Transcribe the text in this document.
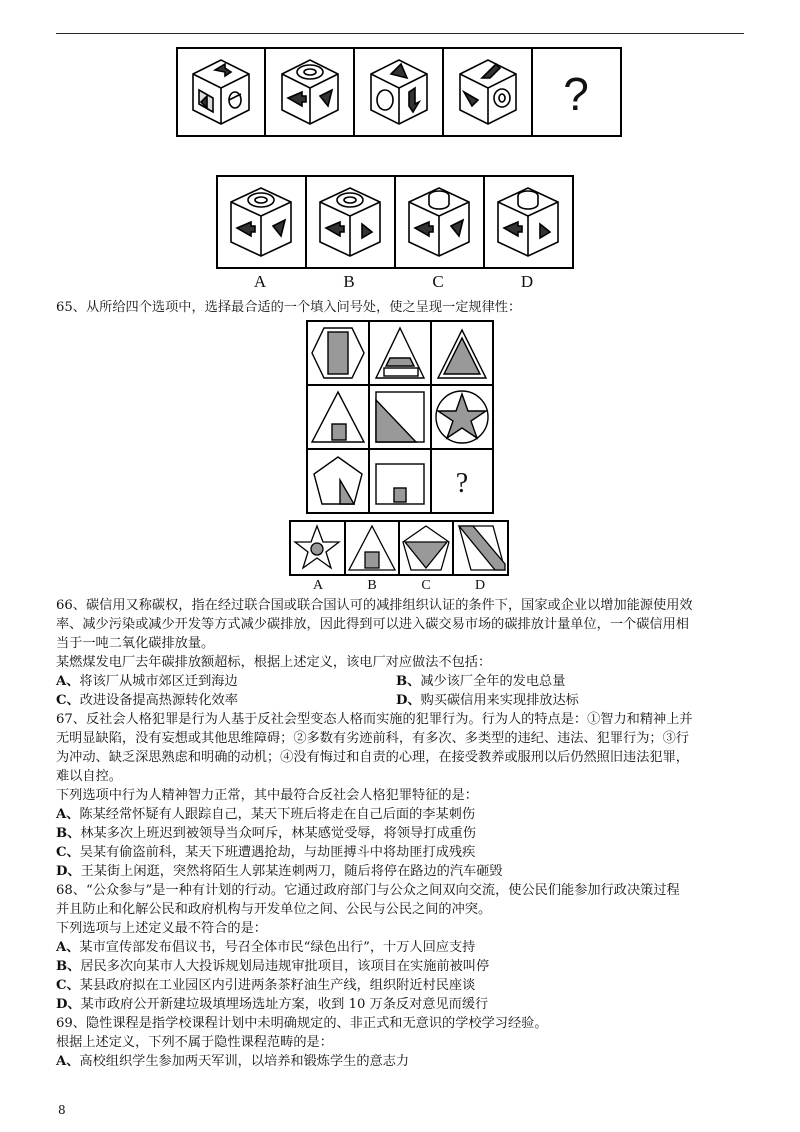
?
A	B	C	D
65、从所给四个选项中，选择最合适的一个填入问号处，使之呈现一定规律性：
?
A	B	C	D
66、碳信用又称碳权，指在经过联合国或联合国认可的减排组织认证的条件下，国家或企业以增加能源使用效
率、减少污染或减少开发等方式减少碳排放，因此得到可以进入碳交易市场的碳排放计量单位，一个碳信用相
当于一吨二氧化碳排放量。
某燃煤发电厂去年碳排放额超标，根据上述定义，该电厂对应做法不包括：
A、将该厂从城市郊区迁到海边	B、减少该厂全年的发电总量
C、改进设备提高热源转化效率	D、购买碳信用来实现排放达标
67、反社会人格犯罪是行为人基于反社会型变态人格而实施的犯罪行为。行为人的特点是：①智力和精神上并
无明显缺陷，没有妄想或其他思维障碍；②多数有劣迹前科，有多次、多类型的违纪、违法、犯罪行为；③行
为冲动、缺乏深思熟虑和明确的动机；④没有悔过和自责的心理，在接受教养或服刑以后仍然照旧违法犯罪，
难以自控。
下列选项中行为人精神智力正常，其中最符合反社会人格犯罪特征的是：
A、陈某经常怀疑有人跟踪自己，某天下班后将走在自己后面的李某刺伤
B、林某多次上班迟到被领导当众呵斥，林某感觉受辱，将领导打成重伤
C、吴某有偷盗前科，某天下班遭遇抢劫，与劫匪搏斗中将劫匪打成残疾
D、王某街上闲逛，突然将陌生人郭某连刺两刀，随后将停在路边的汽车砸毁
68、“公众参与”是一种有计划的行动。它通过政府部门与公众之间双向交流，使公民们能参加行政决策过程
并且防止和化解公民和政府机构与开发单位之间、公民与公民之间的冲突。
下列选项与上述定义最不符合的是：
A、某市宣传部发布倡议书，号召全体市民“绿色出行”，十万人回应支持
B、居民多次向某市人大投诉规划局违规审批项目，该项目在实施前被叫停
C、某县政府拟在工业园区内引进两条茶籽油生产线，组织附近村民座谈
D、某市政府公开新建垃圾填埋场选址方案，收到 10 万条反对意见而缓行
69、隐性课程是指学校课程计划中未明确规定的、非正式和无意识的学校学习经验。
根据上述定义，下列不属于隐性课程范畴的是：
A、高校组织学生参加两天军训，以培养和锻炼学生的意志力
8
